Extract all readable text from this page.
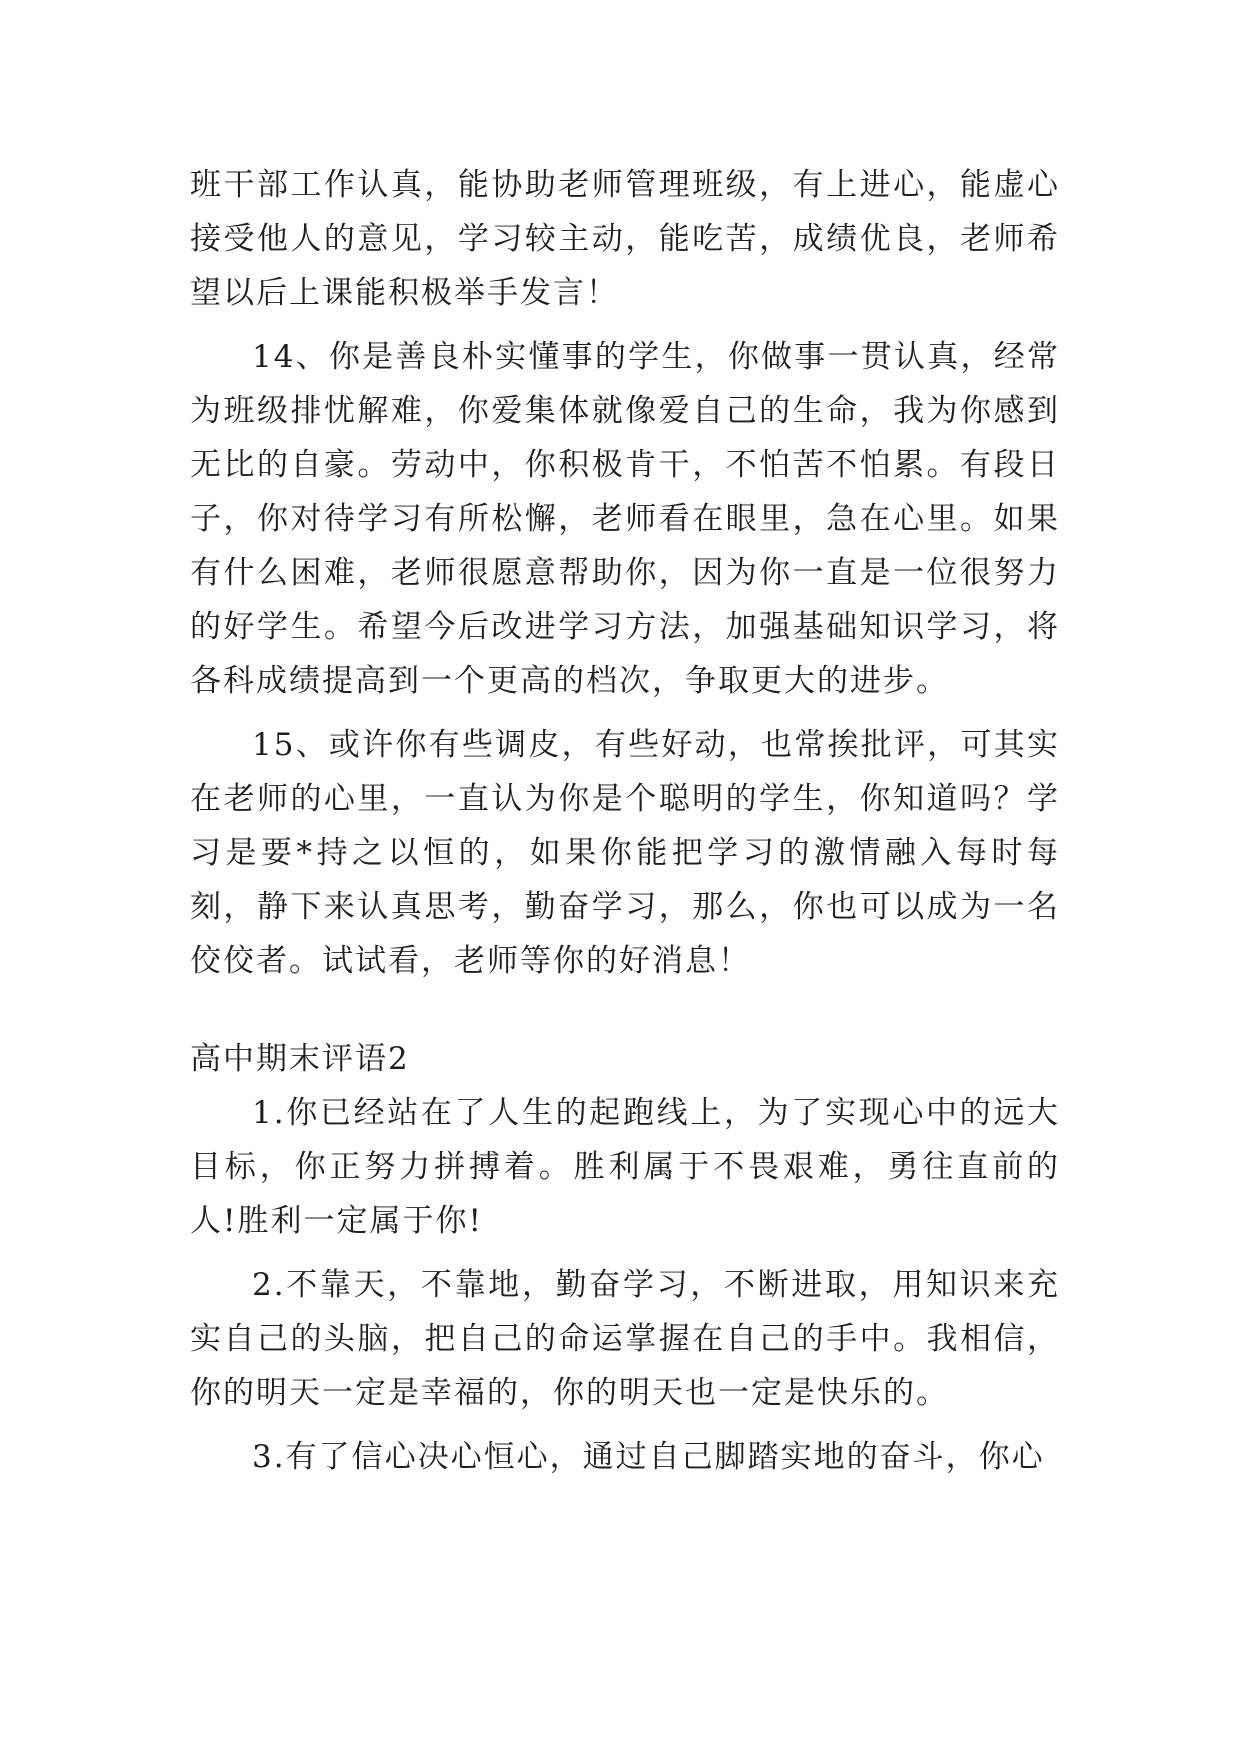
班干部工作认真，能协助老师管理班级，有上进心，能虚心接受他人的意见，学习较主动，能吃苦，成绩优良，老师希望以后上课能积极举手发言！

14、你是善良朴实懂事的学生，你做事一贯认真，经常为班级排忧解难，你爱集体就像爱自己的生命，我为你感到无比的自豪。劳动中，你积极肯干，不怕苦不怕累。有段日子，你对待学习有所松懈，老师看在眼里，急在心里。如果有什么困难，老师很愿意帮助你，因为你一直是一位很努力的好学生。希望今后改进学习方法，加强基础知识学习，将各科成绩提高到一个更高的档次，争取更大的进步。

15、或许你有些调皮，有些好动，也常挨批评，可其实在老师的心里，一直认为你是个聪明的学生，你知道吗？学习是要*持之以恒的，如果你能把学习的激情融入每时每刻，静下来认真思考，勤奋学习，那么，你也可以成为一名佼佼者。试试看，老师等你的好消息！

高中期末评语2

1.你已经站在了人生的起跑线上，为了实现心中的远大目标，你正努力拼搏着。胜利属于不畏艰难，勇往直前的人!胜利一定属于你!

2.不靠天，不靠地，勤奋学习，不断进取，用知识来充实自己的头脑，把自己的命运掌握在自己的手中。我相信，你的明天一定是幸福的，你的明天也一定是快乐的。

3.有了信心决心恒心，通过自己脚踏实地的奋斗，你心
